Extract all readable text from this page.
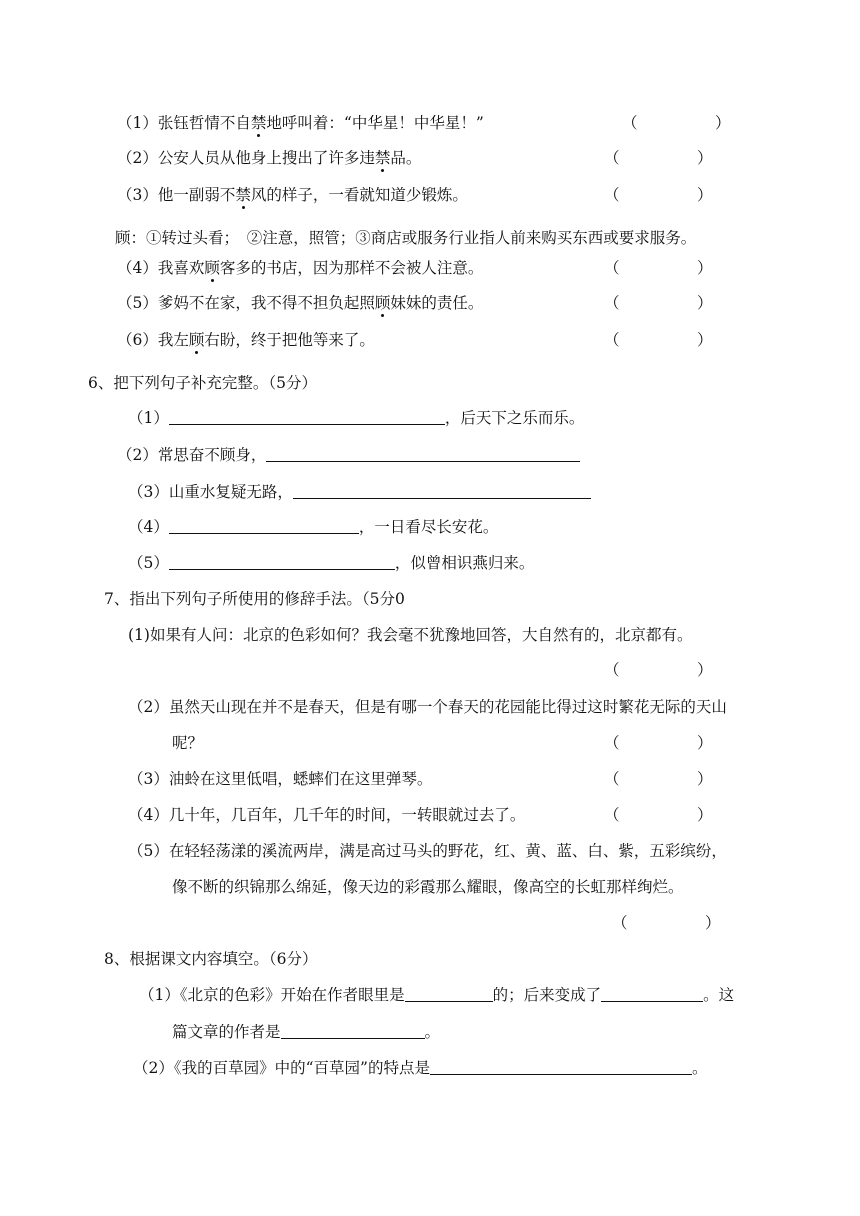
（1）张钰哲情不自禁地呼叫着：“中华星！中华星！”	（　　　　　）
（2）公安人员从他身上搜出了许多违禁品。	（　　　　　）
（3）他一副弱不禁风的样子，一看就知道少锻炼。	（　　　　　）
顾：①转过头看；　②注意，照管；③商店或服务行业指人前来购买东西或要求服务。
（4）我喜欢顾客多的书店，因为那样不会被人注意。	（　　　　　）
（5）爹妈不在家，我不得不担负起照顾妹妹的责任。	（　　　　　）
（6）我左顾右盼，终于把他等来了。	（　　　　　）
6、把下列句子补充完整。（5分）
（1）	，后天下之乐而乐。
（2）常思奋不顾身，
（3）山重水复疑无路，
（4）	，一日看尽长安花。
（5）	，似曾相识燕归来。
7、指出下列句子所使用的修辞手法。（5分0
(1)如果有人问：北京的色彩如何？我会毫不犹豫地回答，大自然有的，北京都有。
（　　　　　）
（2）虽然天山现在并不是春天，但是有哪一个春天的花园能比得过这时繁花无际的天山
呢？	（　　　　　）
（3）油蛉在这里低唱，蟋蟀们在这里弹琴。	（　　　　　）
（4）几十年，几百年，几千年的时间，一转眼就过去了。	（　　　　　）
（5）在轻轻荡漾的溪流两岸，满是高过马头的野花，红、黄、蓝、白、紫，五彩缤纷，
像不断的织锦那么绵延，像天边的彩霞那么耀眼，像高空的长虹那样绚烂。
（　　　　　）
8、根据课文内容填空。（6分）
（1）《北京的色彩》开始在作者眼里是	的；后来变成了	。这
篇文章的作者是	。
（2）《我的百草园》中的“百草园”的特点是	。
